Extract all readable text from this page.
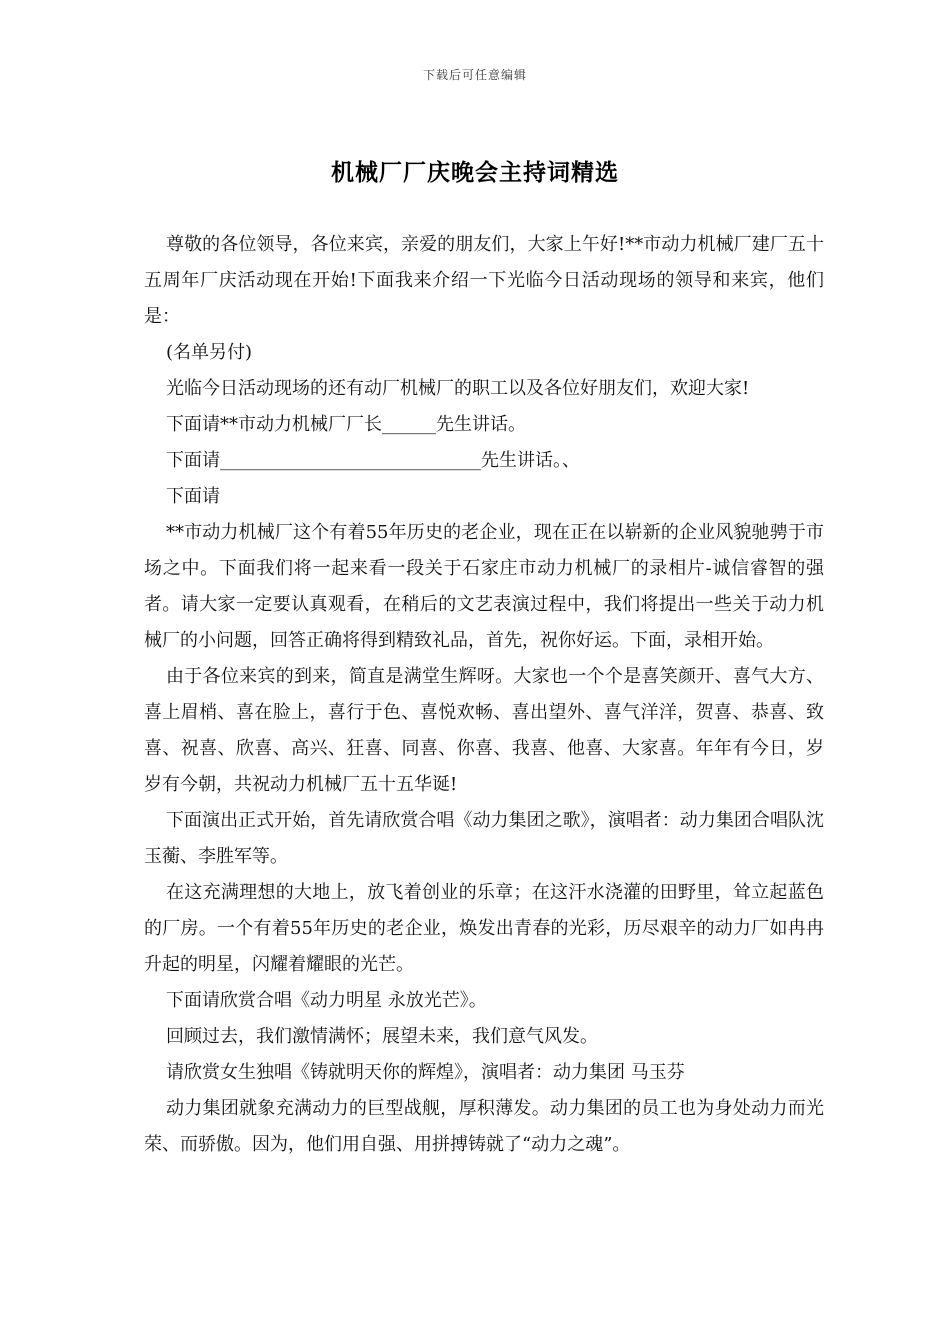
下载后可任意编辑
机械厂厂庆晚会主持词精选

尊敬的各位领导，各位来宾，亲爱的朋友们，大家上午好!**市动力机械厂建厂五十五周年厂庆活动现在开始!下面我来介绍一下光临今日活动现场的领导和来宾，他们是：

(名单另付)

光临今日活动现场的还有动厂机械厂的职工以及各位好朋友们，欢迎大家!

下面请**市动力机械厂厂长______先生讲话。

下面请_____________________________先生讲话。、

下面请

**市动力机械厂这个有着55年历史的老企业，现在正在以崭新的企业风貌驰骋于市场之中。下面我们将一起来看一段关于石家庄市动力机械厂的录相片-诚信睿智的强者。请大家一定要认真观看，在稍后的文艺表演过程中，我们将提出一些关于动力机械厂的小问题，回答正确将得到精致礼品，首先，祝你好运。下面，录相开始。

由于各位来宾的到来，简直是满堂生辉呀。大家也一个个是喜笑颜开、喜气大方、喜上眉梢、喜在脸上，喜行于色、喜悦欢畅、喜出望外、喜气洋洋，贺喜、恭喜、致喜、祝喜、欣喜、高兴、狂喜、同喜、你喜、我喜、他喜、大家喜。年年有今日，岁岁有今朝，共祝动力机械厂五十五华诞!

下面演出正式开始，首先请欣赏合唱《动力集团之歌》，演唱者：动力集团合唱队沈玉蘅、李胜军等。

在这充满理想的大地上，放飞着创业的乐章；在这汗水浇灌的田野里，耸立起蓝色的厂房。一个有着55年历史的老企业，焕发出青春的光彩，历尽艰辛的动力厂如冉冉升起的明星，闪耀着耀眼的光芒。

下面请欣赏合唱《动力明星 永放光芒》。

回顾过去，我们激情满怀；展望未来，我们意气风发。

请欣赏女生独唱《铸就明天你的辉煌》，演唱者：动力集团 马玉芬

动力集团就象充满动力的巨型战舰，厚积薄发。动力集团的员工也为身处动力而光荣、而骄傲。因为，他们用自强、用拼搏铸就了“动力之魂”。
